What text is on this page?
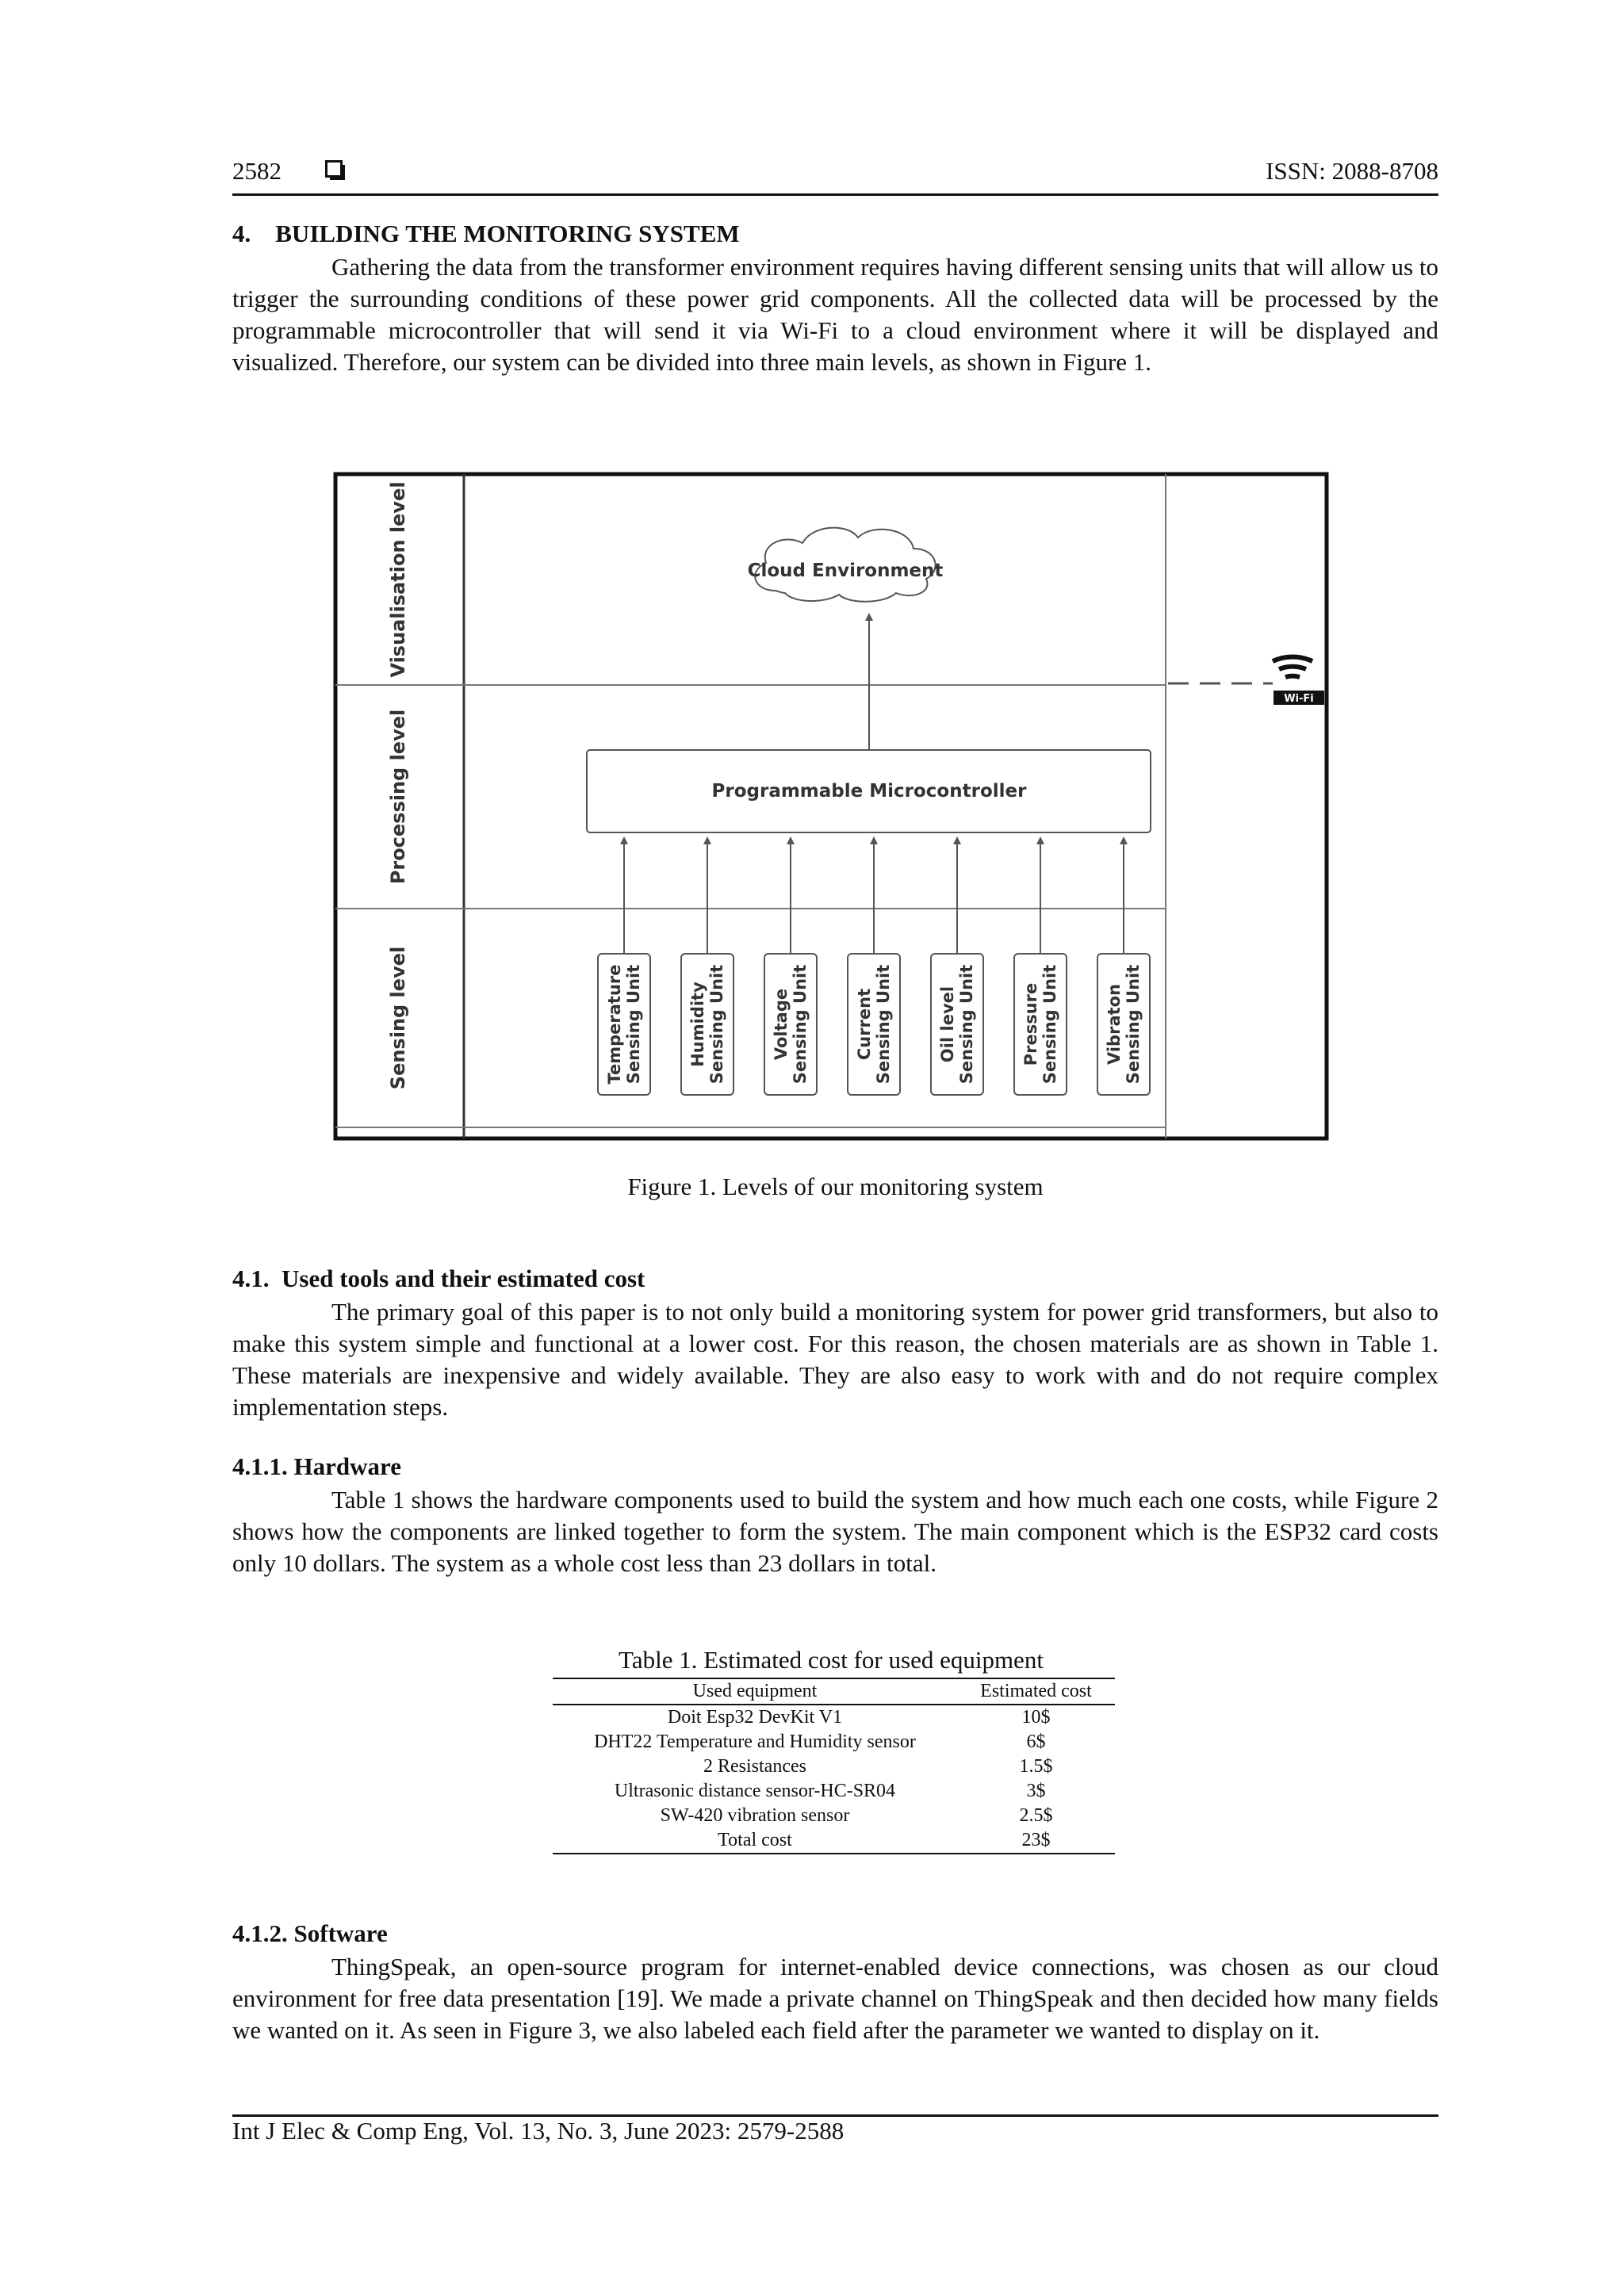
2582	ISSN: 2088-8708
4.    BUILDING THE MONITORING SYSTEM

Gathering the data from the transformer environment requires having different sensing units that will allow us to trigger the surrounding conditions of these power grid components. All the collected data will be processed by the programmable microcontroller that will send it via Wi-Fi to a cloud environment where it will be displayed and visualized. Therefore, our system can be divided into three main levels, as shown in Figure 1.

Visualisation level
Processing level
Sensing level
Cloud Environment
Programmable Microcontroller
Wi-Fi
Temperature Sensing Unit	Humidity Sensing Unit	Voltage Sensing Unit	Current Sensing Unit	Oil level Sensing Unit	Pressure Sensing Unit	Vibraton Sensing Unit
Figure 1. Levels of our monitoring system
4.1.  Used tools and their estimated cost

The primary goal of this paper is to not only build a monitoring system for power grid transformers, but also to make this system simple and functional at a lower cost. For this reason, the chosen materials are as shown in Table 1. These materials are inexpensive and widely available. They are also easy to work with and do not require complex implementation steps.

4.1.1. Hardware

Table 1 shows the hardware components used to build the system and how much each one costs, while Figure 2 shows how the components are linked together to form the system. The main component which is the ESP32 card costs only 10 dollars. The system as a whole cost less than 23 dollars in total.

Table 1. Estimated cost for used equipment
Used equipment	Estimated cost
Doit Esp32 DevKit V1	10$
DHT22 Temperature and Humidity sensor	6$
2 Resistances	1.5$
Ultrasonic distance sensor-HC-SR04	3$
SW-420 vibration sensor	2.5$
Total cost	23$
4.1.2. Software

ThingSpeak, an open-source program for internet-enabled device connections, was chosen as our cloud environment for free data presentation [19]. We made a private channel on ThingSpeak and then decided how many fields we wanted on it. As seen in Figure 3, we also labeled each field after the parameter we wanted to display on it.

Int J Elec & Comp Eng, Vol. 13, No. 3, June 2023: 2579-2588
